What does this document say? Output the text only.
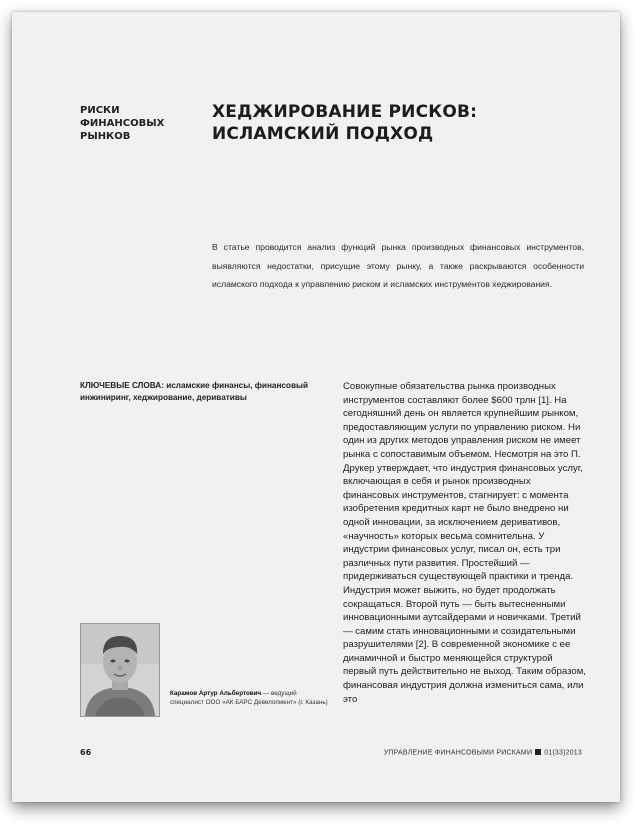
РИСКИ ФИНАНСОВЫХ РЫНКОВ
ХЕДЖИРОВАНИЕ РИСКОВ: ИСЛАМСКИЙ ПОДХОД
В статье проводится анализ функций рынка производных финансовых инструментов, выявляются недостатки, присущие этому рынку, а также раскрываются особенности исламского подхода к управлению риском и исламских инструментов хеджирования.
КЛЮЧЕВЫЕ СЛОВА: исламские финансы, финансовый инжиниринг, хеджирование, деривативы
Совокупные обязательства рынка производных инструментов составляют более $600 трлн [1]. На сегодняшний день он является крупнейшим рынком, предоставляющим услуги по управлению риском. Ни один из других методов управления риском не имеет рынка с сопоставимым объемом. Несмотря на это П. Друкер утверждает, что индустрия финансовых услуг, включающая в себя и рынок производных финансовых инструментов, стагнирует: с момента изобретения кредитных карт не было внедрено ни одной инновации, за исключением деривативов, «научность» которых весьма сомнительна. У индустрии финансовых услуг, писал он, есть три различных пути развития. Простейший — придерживаться существующей практики и тренда. Индустрия может выжить, но будет продолжать сокращаться. Второй путь — быть вытесненными инновационными аутсайдерами и новичками. Третий — самим стать инновационными и созидательными разрушителями [2]. В современной экономике с ее динамичной и быстро меняющейся структурой первый путь действительно не выход. Таким образом, финансовая индустрия должна измениться сама, или это
Карамов Артур Альбертович — ведущий специалист ООО «АК БАРС Девелопмент» (г. Казань)
66	УПРАВЛЕНИЕ ФИНАНСОВЫМИ РИСКАМИ 01(33)2013
